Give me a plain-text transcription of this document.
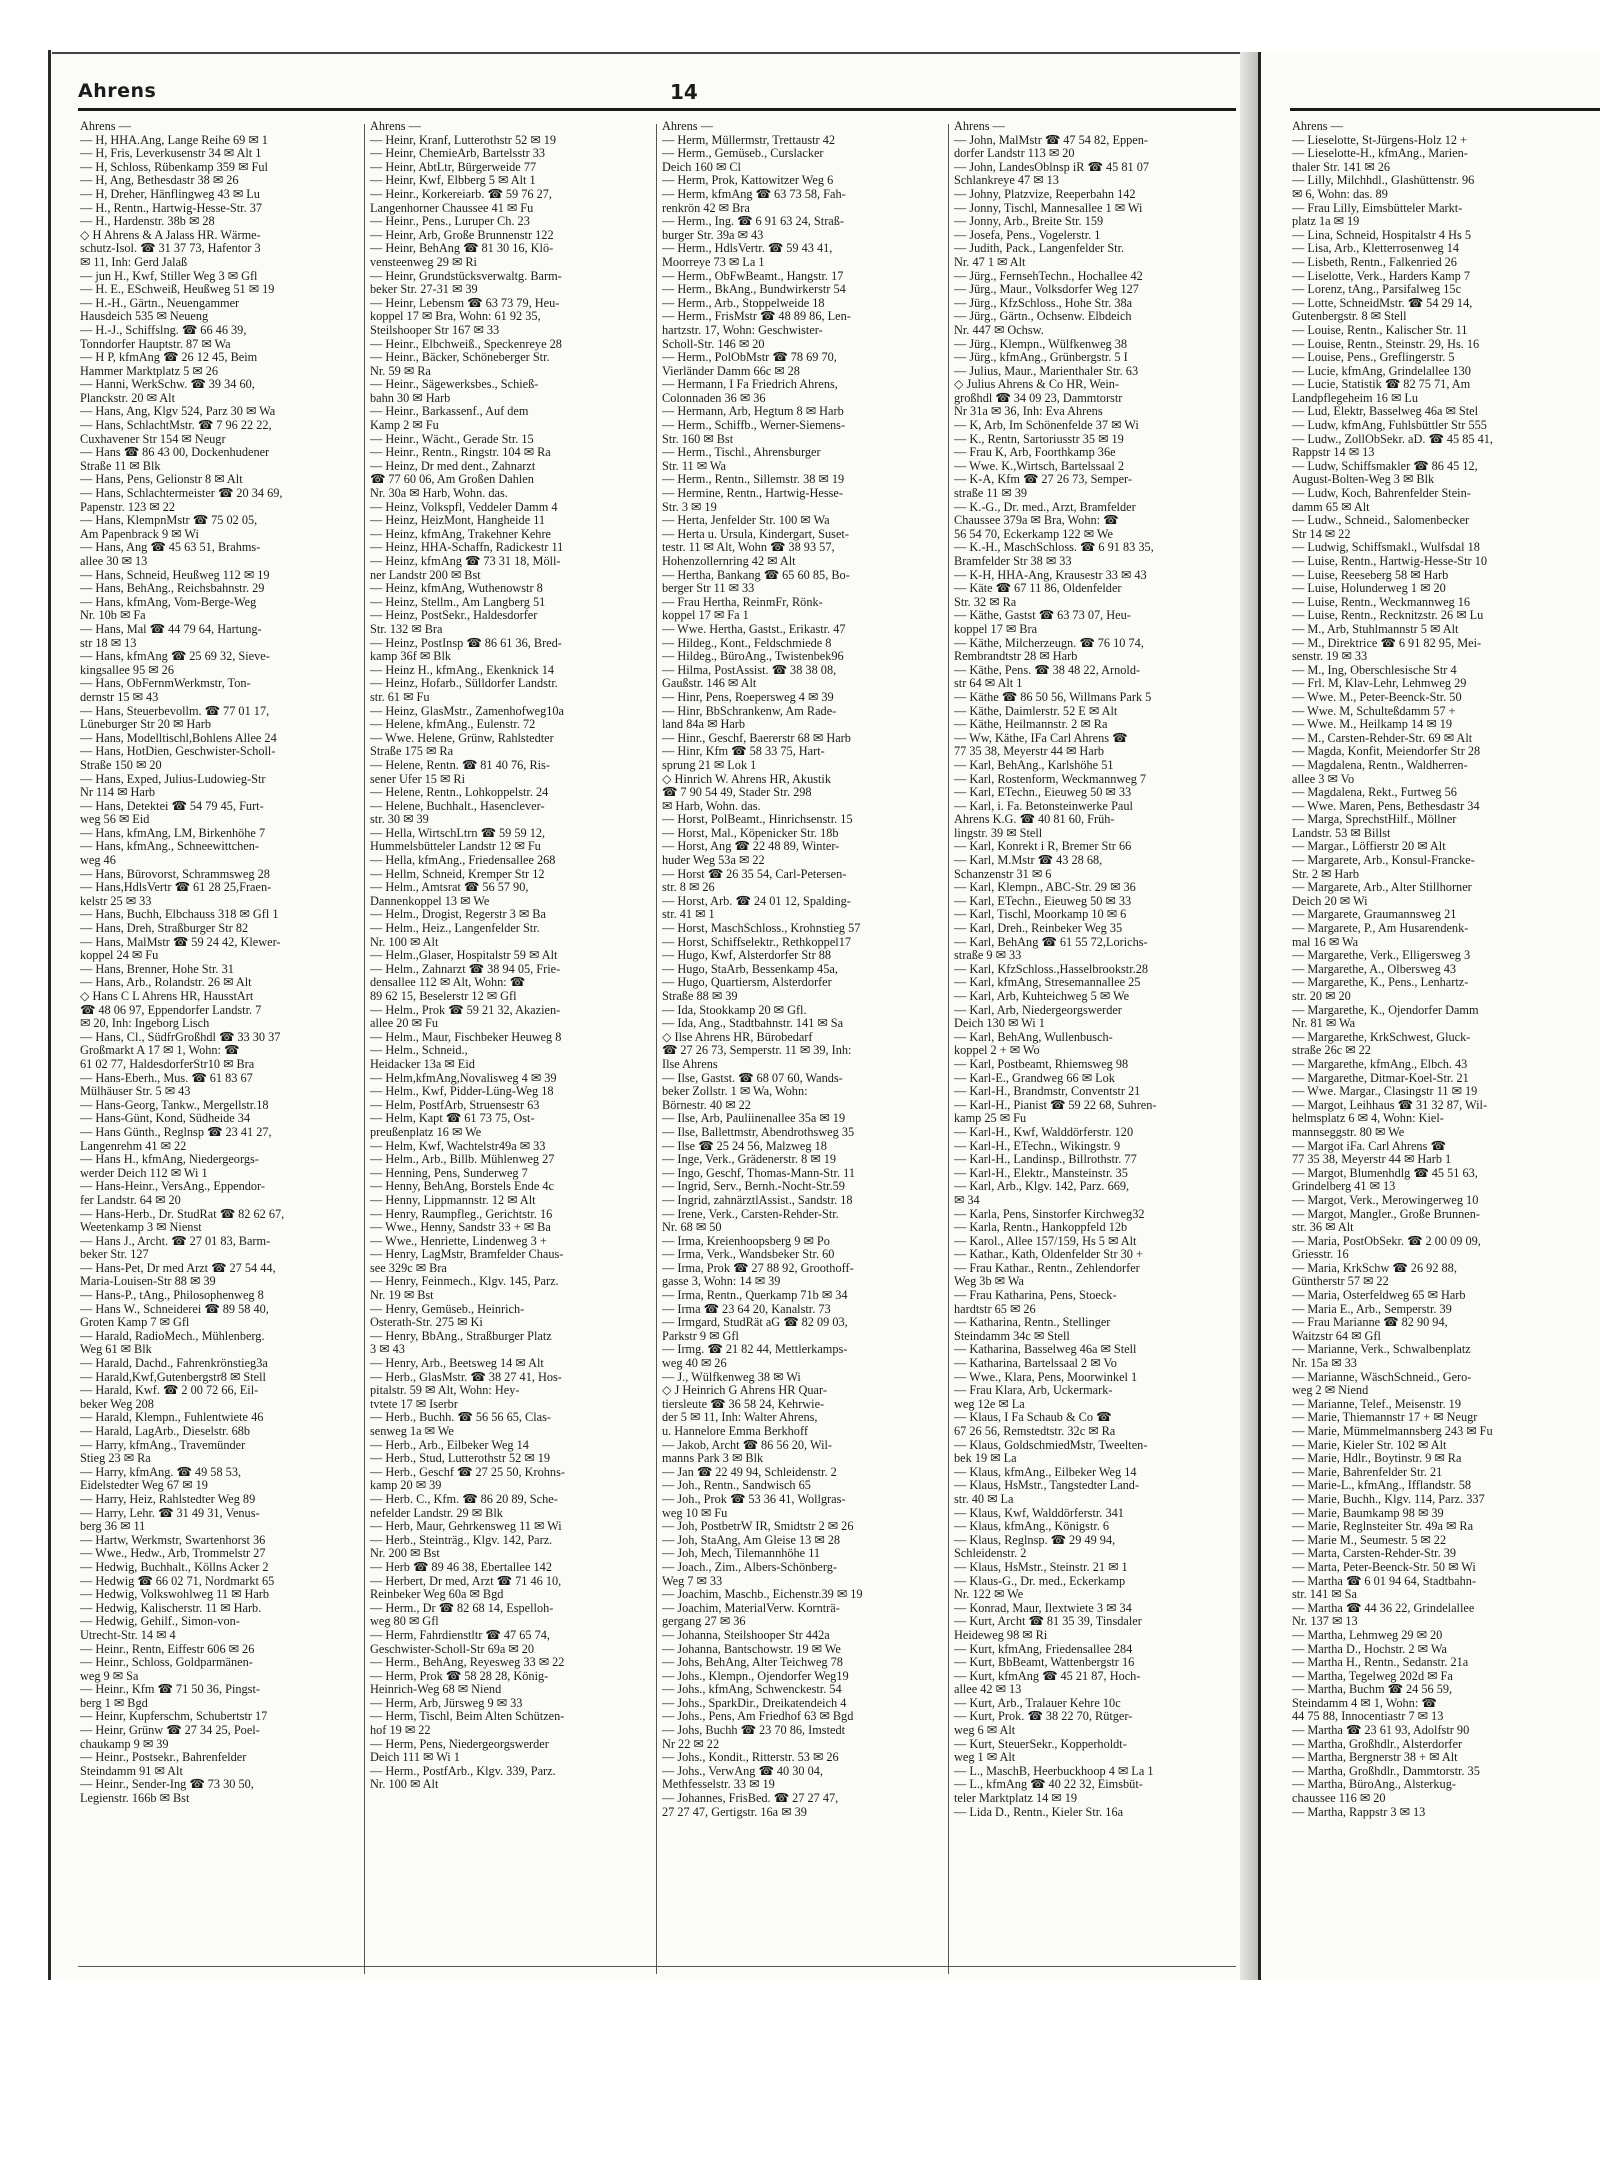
Ahrens	14
Ahrens —
— H, HHA.Ang, Lange Reihe 69 ✉ 1
— H, Fris, Leverkusenstr 34 ✉ Alt 1
— H, Schloss, Rübenkamp 359 ✉ Ful
— H, Ang, Bethesdastr 38 ✉ 26
— H, Dreher, Hänflingweg 43 ✉ Lu
— H., Rentn., Hartwig-Hesse-Str. 37
— H., Hardenstr. 38b ✉ 28
◇ H Ahrens & A Jalass HR. Wärme-
schutz-Isol. ☎ 31 37 73, Hafentor 3
✉ 11, Inh: Gerd Jalaß
— jun H., Kwf, Stiller Weg 3 ✉ Gfl
— H. E., ESchweiß, Heußweg 51 ✉ 19
— H.-H., Gärtn., Neuengammer
Hausdeich 535 ✉ Neueng
— H.-J., Schiffslng. ☎ 66 46 39,
Tonndorfer Hauptstr. 87 ✉ Wa
— H P, kfmAng ☎ 26 12 45, Beim
Hammer Marktplatz 5 ✉ 26
— Hanni, WerkSchw. ☎ 39 34 60,
Planckstr. 20 ✉ Alt
— Hans, Ang, Klgv 524, Parz 30 ✉ Wa
— Hans, SchlachtMstr. ☎ 7 96 22 22,
Cuxhavener Str 154 ✉ Neugr
— Hans ☎ 86 43 00, Dockenhudener
Straße 11 ✉ Blk
— Hans, Pens, Gelionstr 8 ✉ Alt
— Hans, Schlachtermeister ☎ 20 34 69,
Papenstr. 123 ✉ 22
— Hans, KlempnMstr ☎ 75 02 05,
Am Papenbrack 9 ✉ Wi
— Hans, Ang ☎ 45 63 51, Brahms-
allee 30 ✉ 13
— Hans, Schneid, Heußweg 112 ✉ 19
— Hans, BehAng., Reichsbahnstr. 29
— Hans, kfmAng, Vom-Berge-Weg
Nr. 10b ✉ Fa
— Hans, Mal ☎ 44 79 64, Hartung-
str 18 ✉ 13
— Hans, kfmAng ☎ 25 69 32, Sieve-
kingsallee 95 ✉ 26
— Hans, ObFernmWerkmstr, Ton-
dernstr 15 ✉ 43
— Hans, Steuerbevollm. ☎ 77 01 17,
Lüneburger Str 20 ✉ Harb
— Hans, Modelltischl,Bohlens Allee 24
— Hans, HotDien, Geschwister-Scholl-
Straße 150 ✉ 20
— Hans, Exped, Julius-Ludowieg-Str
Nr 114 ✉ Harb
— Hans, Detektei ☎ 54 79 45, Furt-
weg 56 ✉ Eid
— Hans, kfmAng, LM, Birkenhöhe 7
— Hans, kfmAng., Schneewittchen-
weg 46
— Hans, Bürovorst, Schrammsweg 28
— Hans,HdlsVertr ☎ 61 28 25,Fraen-
kelstr 25 ✉ 33
— Hans, Buchh, Elbchauss 318 ✉ Gfl 1
— Hans, Dreh, Straßburger Str 82
— Hans, MalMstr ☎ 59 24 42, Klewer-
koppel 24 ✉ Fu
— Hans, Brenner, Hohe Str. 31
— Hans, Arb., Rolandstr. 26 ✉ Alt
◇ Hans C L Ahrens HR, HausstArt
☎ 48 06 97, Eppendorfer Landstr. 7
✉ 20, Inh: Ingeborg Lisch
— Hans, Cl., SüdfrGroßhdl ☎ 33 30 37
Großmarkt A 17 ✉ 1, Wohn: ☎
61 02 77, HaldesdorferStr10 ✉ Bra
— Hans-Eberh., Mus. ☎ 61 83 67
Mülhäuser Str. 5 ✉ 43
— Hans-Georg, Tankw., Mergellstr.18
— Hans-Günt, Kond, Südheide 34
— Hans Günth., Reglnsp ☎ 23 41 27,
Langenrehm 41 ✉ 22
— Hans H., kfmAng, Niedergeorgs-
werder Deich 112 ✉ Wi 1
— Hans-Heinr., VersAng., Eppendor-
fer Landstr. 64 ✉ 20
— Hans-Herb., Dr. StudRat ☎ 82 62 67,
Weetenkamp 3 ✉ Nienst
— Hans J., Archt. ☎ 27 01 83, Barm-
beker Str. 127
— Hans-Pet, Dr med Arzt ☎ 27 54 44,
Maria-Louisen-Str 88 ✉ 39
— Hans-P., tAng., Philosophenweg 8
— Hans W., Schneiderei ☎ 89 58 40,
Groten Kamp 7 ✉ Gfl
— Harald, RadioMech., Mühlenberg.
Weg 61 ✉ Blk
— Harald, Dachd., Fahrenkrönstieg3a
— Harald,Kwf,Gutenbergstr8 ✉ Stell
— Harald, Kwf. ☎ 2 00 72 66, Eil-
beker Weg 208
— Harald, Klempn., Fuhlentwiete 46
— Harald, LagArb., Dieselstr. 68b
— Harry, kfmAng., Travemünder
Stieg 23 ✉ Ra
— Harry, kfmAng. ☎ 49 58 53,
Eidelstedter Weg 67 ✉ 19
— Harry, Heiz, Rahlstedter Weg 89
— Harry, Lehr. ☎ 31 49 31, Venus-
berg 36 ✉ 11
— Hartw, Werkmstr, Swartenhorst 36
— Wwe., Hedw., Arb, Trommelstr 27
— Hedwig, Buchhalt., Köllns Acker 2
— Hedwig ☎ 66 02 71, Nordmarkt 65
— Hedwig, Volkswohlweg 11 ✉ Harb
— Hedwig, Kalischerstr. 11 ✉ Harb.
— Hedwig, Gehilf., Simon-von-
Utrecht-Str. 14 ✉ 4
— Heinr., Rentn, Eiffestr 606 ✉ 26
— Heinr., Schloss, Goldparmänen-
weg 9 ✉ Sa
— Heinr., Kfm ☎ 71 50 36, Pingst-
berg 1 ✉ Bgd
— Heinr, Kupferschm, Schubertstr 17
— Heinr, Grünw ☎ 27 34 25, Poel-
chaukamp 9 ✉ 39
— Heinr., Postsekr., Bahrenfelder
Steindamm 91 ✉ Alt
— Heinr., Sender-Ing ☎ 73 30 50,
Legienstr. 166b ✉ Bst
Ahrens —
— Heinr, Kranf, Lutterothstr 52 ✉ 19
— Heinr, ChemieArb, Bartelsstr 33
— Heinr, AbtLtr, Bürgerweide 77
— Heinr, Kwf, Elbberg 5 ✉ Alt 1
— Heinr., Korkereiarb. ☎ 59 76 27,
Langenhorner Chaussee 41 ✉ Fu
— Heinr., Pens., Luruper Ch. 23
— Heinr, Arb, Große Brunnenstr 122
— Heinr, BehAng ☎ 81 30 16, Klö-
vensteenweg 29 ✉ Ri
— Heinr, Grundstücksverwaltg. Barm-
beker Str. 27-31 ✉ 39
— Heinr, Lebensm ☎ 63 73 79, Heu-
koppel 17 ✉ Bra, Wohn: 61 92 35,
Steilshooper Str 167 ✉ 33
— Heinr., Elbchweiß., Speckenreye 28
— Heinr., Bäcker, Schöneberger Str.
Nr. 59 ✉ Ra
— Heinr., Sägewerksbes., Schieß-
bahn 30 ✉ Harb
— Heinr., Barkassenf., Auf dem
Kamp 2 ✉ Fu
— Heinr., Wächt., Gerade Str. 15
— Heinr., Rentn., Ringstr. 104 ✉ Ra
— Heinz, Dr med dent., Zahnarzt
☎ 77 60 06, Am Großen Dahlen
Nr. 30a ✉ Harb, Wohn. das.
— Heinz, Volkspfl, Veddeler Damm 4
— Heinz, HeizMont, Hangheide 11
— Heinz, kfmAng, Trakehner Kehre
— Heinz, HHA-Schaffn, Radickestr 11
— Heinz, kfmAng ☎ 73 31 18, Möll-
ner Landstr 200 ✉ Bst
— Heinz, kfmAng, Wuthenowstr 8
— Heinz, Stellm., Am Langberg 51
— Heinz, PostSekr., Haldesdorfer
Str. 132 ✉ Bra
— Heinz, PostInsp ☎ 86 61 36, Bred-
kamp 36f ✉ Blk
— Heinz H., kfmAng., Ekenknick 14
— Heinz, Hofarb., Sülldorfer Landstr.
str. 61 ✉ Fu
— Heinz, GlasMstr., Zamenhofweg10a
— Helene, kfmAng., Eulenstr. 72
— Wwe. Helene, Grünw, Rahlstedter
Straße 175 ✉ Ra
— Helene, Rentn. ☎ 81 40 76, Ris-
sener Ufer 15 ✉ Ri
— Helene, Rentn., Lohkoppelstr. 24
— Helene, Buchhalt., Hasenclever-
str. 30 ✉ 39
— Hella, WirtschLtrn ☎ 59 59 12,
Hummelsbütteler Landstr 12 ✉ Fu
— Hella, kfmAng., Friedensallee 268
— Hellm, Schneid, Kremper Str 12
— Helm., Amtsrat ☎ 56 57 90,
Dannenkoppel 13 ✉ We
— Helm., Drogist, Regerstr 3 ✉ Ba
— Helm., Heiz., Langenfelder Str.
Nr. 100 ✉ Alt
— Helm.,Glaser, Hospitalstr 59 ✉ Alt
— Helm., Zahnarzt ☎ 38 94 05, Frie-
densallee 112 ✉ Alt, Wohn: ☎
89 62 15, Beselerstr 12 ✉ Gfl
— Helm., Prok ☎ 59 21 32, Akazien-
allee 20 ✉ Fu
— Helm., Maur, Fischbeker Heuweg 8
— Helm., Schneid.,
Heidacker 13a ✉ Eid
— Helm,kfmAng,Novalisweg 4 ✉ 39
— Helm., Kwf, Pidder-Lüng-Weg 18
— Helm, PostfArb, Struensestr 63
— Helm, Kapt ☎ 61 73 75, Ost-
preußenplatz 16 ✉ We
— Helm, Kwf, Wachtelstr49a ✉ 33
— Helm., Arb., Billb. Mühlenweg 27
— Henning, Pens, Sunderweg 7
— Henny, BehAng, Borstels Ende 4c
— Henny, Lippmannstr. 12 ✉ Alt
— Henry, Raumpfleg., Gerichtstr. 16
— Wwe., Henny, Sandstr 33 + ✉ Ba
— Wwe., Henriette, Lindenweg 3 +
— Henry, LagMstr, Bramfelder Chaus-
see 329c ✉ Bra
— Henry, Feinmech., Klgv. 145, Parz.
Nr. 19 ✉ Bst
— Henry, Gemüseb., Heinrich-
Osterath-Str. 275 ✉ Ki
— Henry, BbAng., Straßburger Platz
3 ✉ 43
— Henry, Arb., Beetsweg 14 ✉ Alt
— Herb., GlasMstr. ☎ 38 27 41, Hos-
pitalstr. 59 ✉ Alt, Wohn: Hey-
tvtete 17 ✉ Iserbr
— Herb., Buchh. ☎ 56 56 65, Clas-
senweg 1a ✉ We
— Herb., Arb., Eilbeker Weg 14
— Herb., Stud, Lutterothstr 52 ✉ 19
— Herb., Geschf ☎ 27 25 50, Krohns-
kamp 20 ✉ 39
— Herb. C., Kfm. ☎ 86 20 89, Sche-
nefelder Landstr. 29 ✉ Blk
— Herb, Maur, Gehrkensweg 11 ✉ Wi
— Herb., Steinträg., Klgv. 142, Parz.
Nr. 200 ✉ Bst
— Herb ☎ 89 46 38, Ebertallee 142
— Herbert, Dr med, Arzt ☎ 71 46 10,
Reinbeker Weg 60a ✉ Bgd
— Herm., Dr ☎ 82 68 14, Espelloh-
weg 80 ✉ Gfl
— Herm, Fahrdienstltr ☎ 47 65 74,
Geschwister-Scholl-Str 69a ✉ 20
— Herm., BehAng, Reyesweg 33 ✉ 22
— Herm, Prok ☎ 58 28 28, König-
Heinrich-Weg 68 ✉ Niend
— Herm, Arb, Jürsweg 9 ✉ 33
— Herm, Tischl, Beim Alten Schützen-
hof 19 ✉ 22
— Herm, Pens, Niedergeorgswerder
Deich 111 ✉ Wi 1
— Herm., PostfArb., Klgv. 339, Parz.
Nr. 100 ✉ Alt
Ahrens —
— Herm, Müllermstr, Trettaustr 42
— Herm., Gemüseb., Curslacker
Deich 160 ✉ Cl
— Herm, Prok, Kattowitzer Weg 6
— Herm, kfmAng ☎ 63 73 58, Fah-
renkrön 42 ✉ Bra
— Herm., Ing. ☎ 6 91 63 24, Straß-
burger Str. 39a ✉ 43
— Herm., HdlsVertr. ☎ 59 43 41,
Moorreye 73 ✉ La 1
— Herm., ObFwBeamt., Hangstr. 17
— Herm., BkAng., Bundwirkerstr 54
— Herm., Arb., Stoppelweide 18
— Herm., FrisMstr ☎ 48 89 86, Len-
hartzstr. 17, Wohn: Geschwister-
Scholl-Str. 146 ✉ 20
— Herm., PolObMstr ☎ 78 69 70,
Vierländer Damm 66c ✉ 28
— Hermann, I Fa Friedrich Ahrens,
Colonnaden 36 ✉ 36
— Hermann, Arb, Hegtum 8 ✉ Harb
— Herm., Schiffb., Werner-Siemens-
Str. 160 ✉ Bst
— Herm., Tischl., Ahrensburger
Str. 11 ✉ Wa
— Herm., Rentn., Sillemstr. 38 ✉ 19
— Hermine, Rentn., Hartwig-Hesse-
Str. 3 ✉ 19
— Herta, Jenfelder Str. 100 ✉ Wa
— Herta u. Ursula, Kindergart, Suset-
testr. 11 ✉ Alt, Wohn ☎ 38 93 57,
Hohenzollernring 42 ✉ Alt
— Hertha, Bankang ☎ 65 60 85, Bo-
berger Str 11 ✉ 33
— Frau Hertha, ReinmFr, Rönk-
koppel 17 ✉ Fa 1
— Wwe. Hertha, Gastst., Erikastr. 47
— Hildeg., Kont., Feldschmiede 8
— Hildeg., BüroAng., Twistenbek96
— Hilma, PostAssist. ☎ 38 38 08,
Gaußstr. 146 ✉ Alt
— Hinr, Pens, Roepersweg 4 ✉ 39
— Hinr, BbSchrankenw, Am Rade-
land 84a ✉ Harb
— Hinr., Geschf, Baererstr 68 ✉ Harb
— Hinr, Kfm ☎ 58 33 75, Hart-
sprung 21 ✉ Lok 1
◇ Hinrich W. Ahrens HR, Akustik
☎ 7 90 54 49, Stader Str. 298
✉ Harb, Wohn. das.
— Horst, PolBeamt., Hinrichsenstr. 15
— Horst, Mal., Köpenicker Str. 18b
— Horst, Ang ☎ 22 48 89, Winter-
huder Weg 53a ✉ 22
— Horst ☎ 26 35 54, Carl-Petersen-
str. 8 ✉ 26
— Horst, Arb. ☎ 24 01 12, Spalding-
str. 41 ✉ 1
— Horst, MaschSchloss., Krohnstieg 57
— Horst, Schiffselektr., Rethkoppel17
— Hugo, Kwf, Alsterdorfer Str 88
— Hugo, StaArb, Bessenkamp 45a,
— Hugo, Quartiersm, Alsterdorfer
Straße 88 ✉ 39
— Ida, Stookkamp 20 ✉ Gfl.
— Ida, Ang., Stadtbahnstr. 141 ✉ Sa
◇ Ilse Ahrens HR, Bürobedarf
☎ 27 26 73, Semperstr. 11 ✉ 39, Inh:
Ilse Ahrens
— Ilse, Gastst. ☎ 68 07 60, Wands-
beker Zollstr. 1 ✉ Wa, Wohn:
Börnestr. 40 ✉ 22
— Ilse, Arb, Pauliinenallee 35a ✉ 19
— Ilse, Ballettmstr, Abendrothsweg 35
— Ilse ☎ 25 24 56, Malzweg 18
— Inge, Verk., Grädenerstr. 8 ✉ 19
— Ingo, Geschf, Thomas-Mann-Str. 11
— Ingrid, Serv., Bernh.-Nocht-Str.59
— Ingrid, zahnärztlAssist., Sandstr. 18
— Irene, Verk., Carsten-Rehder-Str.
Nr. 68 ✉ 50
— Irma, Kreienhoopsberg 9 ✉ Po
— Irma, Verk., Wandsbeker Str. 60
— Irma, Prok ☎ 27 88 92, Groothoff-
gasse 3, Wohn: 14 ✉ 39
— Irma, Rentn., Querkamp 71b ✉ 34
— Irma ☎ 23 64 20, Kanalstr. 73
— Irmgard, StudRät aG ☎ 82 09 03,
Parkstr 9 ✉ Gfl
— Irmg. ☎ 21 82 44, Mettlerkamps-
weg 40 ✉ 26
— J., Wülfkenweg 38 ✉ Wi
◇ J Heinrich G Ahrens HR Quar-
tiersleute ☎ 36 58 24, Kehrwie-
der 5 ✉ 11, Inh: Walter Ahrens,
u. Hannelore Emma Berkhoff
— Jakob, Archt ☎ 86 56 20, Wil-
manns Park 3 ✉ Blk
— Jan ☎ 22 49 94, Schleidenstr. 2
— Joh., Rentn., Sandwisch 65
— Joh., Prok ☎ 53 36 41, Wollgras-
weg 10 ✉ Fu
— Joh, PostbetrW IR, Smidtstr 2 ✉ 26
— Joh, StaAng, Am Gleise 13 ✉ 28
— Joh, Mech, Tilemannhöhe 11
— Joach., Zim., Albers-Schönberg-
Weg 7 ✉ 33
— Joachim, Maschb., Eichenstr.39 ✉ 19
— Joachim, MaterialVerw. Kornträ-
gergang 27 ✉ 36
— Johanna, Steilshooper Str 442a
— Johanna, Bantschowstr. 19 ✉ We
— Johs, BehAng, Alter Teichweg 78
— Johs., Klempn., Ojendorfer Weg19
— Johs., kfmAng, Schwenckestr. 54
— Johs., SparkDir., Dreikatendeich 4
— Johs., Pens, Am Friedhof 63 ✉ Bgd
— Johs, Buchh ☎ 23 70 86, Imstedt
Nr 22 ✉ 22
— Johs., Kondit., Ritterstr. 53 ✉ 26
— Johs., VerwAng ☎ 40 30 04,
Methfesselstr. 33 ✉ 19
— Johannes, FrisBed. ☎ 27 27 47,
27 27 47, Gertigstr. 16a ✉ 39
Ahrens —
— John, MalMstr ☎ 47 54 82, Eppen-
dorfer Landstr 113 ✉ 20
— John, LandesOblnsp iR ☎ 45 81 07
Schlankreye 47 ✉ 13
— Johny, Platzvize, Reeperbahn 142
— Jonny, Tischl, Mannesallee 1 ✉ Wi
— Jonny, Arb., Breite Str. 159
— Josefa, Pens., Vogelerstr. 1
— Judith, Pack., Langenfelder Str.
Nr. 47 1 ✉ Alt
— Jürg., FernsehTechn., Hochallee 42
— Jürg., Maur., Volksdorfer Weg 127
— Jürg., KfzSchloss., Hohe Str. 38a
— Jürg., Gärtn., Ochsenw. Elbdeich
Nr. 447 ✉ Ochsw.
— Jürg., Klempn., Wülfkenweg 38
— Jürg., kfmAng., Grünbergstr. 5 I
— Julius, Maur., Marienthaler Str. 63
◇ Julius Ahrens & Co HR, Wein-
großhdl ☎ 34 09 23, Dammtorstr
Nr 31a ✉ 36, Inh: Eva Ahrens
— K, Arb, Im Schönenfelde 37 ✉ Wi
— K., Rentn, Sartoriusstr 35 ✉ 19
— Frau K, Arb, Foorthkamp 36e
— Wwe. K.,Wirtsch, Bartelssaal 2
— K-A, Kfm ☎ 27 26 73, Semper-
straße 11 ✉ 39
— K.-G., Dr. med., Arzt, Bramfelder
Chaussee 379a ✉ Bra, Wohn: ☎
56 54 70, Eckerkamp 122 ✉ We
— K.-H., MaschSchloss. ☎ 6 91 83 35,
Bramfelder Str 38 ✉ 33
— K-H, HHA-Ang, Krausestr 33 ✉ 43
— Käte ☎ 67 11 86, Oldenfelder
Str. 32 ✉ Ra
— Käthe, Gastst ☎ 63 73 07, Heu-
koppel 17 ✉ Bra
— Käthe, Milcherzeugn. ☎ 76 10 74,
Rembrandtstr 28 ✉ Harb
— Käthe, Pens. ☎ 38 48 22, Arnold-
str 64 ✉ Alt 1
— Käthe ☎ 86 50 56, Willmans Park 5
— Käthe, Daimlerstr. 52 E ✉ Alt
— Käthe, Heilmannstr. 2 ✉ Ra
— Ww, Käthe, IFa Carl Ahrens ☎
77 35 38, Meyerstr 44 ✉ Harb
— Karl, BehAng., Karlshöhe 51
— Karl, Rostenform, Weckmannweg 7
— Karl, ETechn., Eieuweg 50 ✉ 33
— Karl, i. Fa. Betonsteinwerke Paul
Ahrens K.G. ☎ 40 81 60, Früh-
lingstr. 39 ✉ Stell
— Karl, Konrekt i R, Bremer Str 66
— Karl, M.Mstr ☎ 43 28 68,
Schanzenstr 31 ✉ 6
— Karl, Klempn., ABC-Str. 29 ✉ 36
— Karl, ETechn., Eieuweg 50 ✉ 33
— Karl, Tischl, Moorkamp 10 ✉ 6
— Karl, Dreh., Reinbeker Weg 35
— Karl, BehAng ☎ 61 55 72,Lorichs-
straße 9 ✉ 33
— Karl, KfzSchloss.,Hasselbrookstr.28
— Karl, kfmAng, Stresemannallee 25
— Karl, Arb, Kuhteichweg 5 ✉ We
— Karl, Arb, Niedergeorgswerder
Deich 130 ✉ Wi 1
— Karl, BehAng, Wullenbusch-
koppel 2 + ✉ Wo
— Karl, Postbeamt, Rhiemsweg 98
— Karl-E., Grandweg 66 ✉ Lok
— Karl-H., Brandmstr, Conventstr 21
— Karl-H., Pianist ☎ 59 22 68, Suhren-
kamp 25 ✉ Fu
— Karl-H., Kwf, Walddörferstr. 120
— Karl-H., ETechn., Wikingstr. 9
— Karl-H., Landinsp., Billrothstr. 77
— Karl-H., Elektr., Mansteinstr. 35
— Karl, Arb., Klgv. 142, Parz. 669,
✉ 34
— Karla, Pens, Sinstorfer Kirchweg32
— Karla, Rentn., Hankoppfeld 12b
— Karol., Allee 157/159, Hs 5 ✉ Alt
— Kathar., Kath, Oldenfelder Str 30 +
— Frau Kathar., Rentn., Zehlendorfer
Weg 3b ✉ Wa
— Frau Katharina, Pens, Stoeck-
hardtstr 65 ✉ 26
— Katharina, Rentn., Stellinger
Steindamm 34c ✉ Stell
— Katharina, Basselweg 46a ✉ Stell
— Katharina, Bartelssaal 2 ✉ Vo
— Wwe., Klara, Pens, Moorwinkel 1
— Frau Klara, Arb, Uckermark-
weg 12e ✉ La
— Klaus, I Fa Schaub & Co ☎
67 26 56, Remstedtstr. 32c ✉ Ra
— Klaus, GoldschmiedMstr, Tweelten-
bek 19 ✉ La
— Klaus, kfmAng., Eilbeker Weg 14
— Klaus, HsMstr., Tangstedter Land-
str. 40 ✉ La
— Klaus, Kwf, Walddörferstr. 341
— Klaus, kfmAng., Königstr. 6
— Klaus, Reglnsp. ☎ 29 49 94,
Schleidenstr. 2
— Klaus, HsMstr., Steinstr. 21 ✉ 1
— Klaus-G., Dr. med., Eckerkamp
Nr. 122 ✉ We
— Konrad, Maur, Ilextwiete 3 ✉ 34
— Kurt, Archt ☎ 81 35 39, Tinsdaler
Heideweg 98 ✉ Ri
— Kurt, kfmAng, Friedensallee 284
— Kurt, BbBeamt, Wattenbergstr 16
— Kurt, kfmAng ☎ 45 21 87, Hoch-
allee 42 ✉ 13
— Kurt, Arb., Tralauer Kehre 10c
— Kurt, Prok. ☎ 38 22 70, Rütger-
weg 6 ✉ Alt
— Kurt, SteuerSekr., Kopperholdt-
weg 1 ✉ Alt
— L., MaschB, Heerbuckhoop 4 ✉ La 1
— L., kfmAng ☎ 40 22 32, Eimsbüt-
teler Marktplatz 14 ✉ 19
— Lida D., Rentn., Kieler Str. 16a
Ahrens —
— Lieselotte, St-Jürgens-Holz 12 +
— Lieselotte-H., kfmAng., Marien-
thaler Str. 141 ✉ 26
— Lilly, Milchhdl., Glashüttenstr. 96
✉ 6, Wohn: das. 89
— Frau Lilly, Eimsbütteler Markt-
platz 1a ✉ 19
— Lina, Schneid, Hospitalstr 4 Hs 5
— Lisa, Arb., Kletterrosenweg 14
— Lisbeth, Rentn., Falkenried 26
— Liselotte, Verk., Harders Kamp 7
— Lorenz, tAng., Parsifalweg 15c
— Lotte, SchneidMstr. ☎ 54 29 14,
Gutenbergstr. 8 ✉ Stell
— Louise, Rentn., Kalischer Str. 11
— Louise, Rentn., Steinstr. 29, Hs. 16
— Louise, Pens., Greflingerstr. 5
— Lucie, kfmAng, Grindelallee 130
— Lucie, Statistik ☎ 82 75 71, Am
Landpflegeheim 16 ✉ Lu
— Lud, Elektr, Basselweg 46a ✉ Stel
— Ludw, kfmAng, Fuhlsbüttler Str 555
— Ludw., ZollObSekr. aD. ☎ 45 85 41,
Rappstr 14 ✉ 13
— Ludw, Schiffsmakler ☎ 86 45 12,
August-Bolten-Weg 3 ✉ Blk
— Ludw, Koch, Bahrenfelder Stein-
damm 65 ✉ Alt
— Ludw., Schneid., Salomenbecker
Str 14 ✉ 22
— Ludwig, Schiffsmakl., Wulfsdal 18
— Luise, Rentn., Hartwig-Hesse-Str 10
— Luise, Reeseberg 58 ✉ Harb
— Luise, Holunderweg 1 ✉ 20
— Luise, Rentn., Weckmannweg 16
— Luise, Rentn., Recknitzstr. 26 ✉ Lu
— M., Arb, Stuhlmannstr 5 ✉ Alt
— M., Direktrice ☎ 6 91 82 95, Mei-
senstr. 19 ✉ 33
— M., Ing, Oberschlesische Str 4
— Frl. M, Klav-Lehr, Lehmweg 29
— Wwe. M., Peter-Beenck-Str. 50
— Wwe. M, Schulteßdamm 57 +
— Wwe. M., Heilkamp 14 ✉ 19
— M., Carsten-Rehder-Str. 69 ✉ Alt
— Magda, Konfit, Meiendorfer Str 28
— Magdalena, Rentn., Waldherren-
allee 3 ✉ Vo
— Magdalena, Rekt., Furtweg 56
— Wwe. Maren, Pens, Bethesdastr 34
— Marga, SprechstHilf., Möllner
Landstr. 53 ✉ Billst
— Margar., Löffierstr 20 ✉ Alt
— Margarete, Arb., Konsul-Francke-
Str. 2 ✉ Harb
— Margarete, Arb., Alter Stillhorner
Deich 20 ✉ Wi
— Margarete, Graumannsweg 21
— Margarete, P., Am Husarendenk-
mal 16 ✉ Wa
— Margarethe, Verk., Elligersweg 3
— Margarethe, A., Olbersweg 43
— Margarethe, K., Pens., Lenhartz-
str. 20 ✉ 20
— Margarethe, K., Ojendorfer Damm
Nr. 81 ✉ Wa
— Margarethe, KrkSchwest, Gluck-
straße 26c ✉ 22
— Margarethe, kfmAng., Elbch. 43
— Margarethe, Ditmar-Koel-Str. 21
— Wwe. Margar., Clasingstr 11 ✉ 19
— Margot, Leihhaus ☎ 31 32 87, Wil-
helmsplatz 6 ✉ 4, Wohn: Kiel-
mannseggstr. 80 ✉ We
— Margot iFa. Carl Ahrens ☎
77 35 38, Meyerstr 44 ✉ Harb 1
— Margot, Blumenhdlg ☎ 45 51 63,
Grindelberg 41 ✉ 13
— Margot, Verk., Merowingerweg 10
— Margot, Mangler., Große Brunnen-
str. 36 ✉ Alt
— Maria, PostObSekr. ☎ 2 00 09 09,
Griesstr. 16
— Maria, KrkSchw ☎ 26 92 88,
Güntherstr 57 ✉ 22
— Maria, Osterfeldweg 65 ✉ Harb
— Maria E., Arb., Semperstr. 39
— Frau Marianne ☎ 82 90 94,
Waitzstr 64 ✉ Gfl
— Marianne, Verk., Schwalbenplatz
Nr. 15a ✉ 33
— Marianne, WäschSchneid., Gero-
weg 2 ✉ Niend
— Marianne, Telef., Meisenstr. 19
— Marie, Thiemannstr 17 + ✉ Neugr
— Marie, Mümmelmannsberg 243 ✉ Fu
— Marie, Kieler Str. 102 ✉ Alt
— Marie, Hdlr., Boytinstr. 9 ✉ Ra
— Marie, Bahrenfelder Str. 21
— Marie-L., kfmAng., Ifflandstr. 58
— Marie, Buchh., Klgv. 114, Parz. 337
— Marie, Baumkamp 98 ✉ 39
— Marie, Reglnsteiter Str. 49a ✉ Ra
— Marie M., Seumestr. 5 ✉ 22
— Marta, Carsten-Rehder-Str. 39
— Marta, Peter-Beenck-Str. 50 ✉ Wi
— Martha ☎ 6 01 94 64, Stadtbahn-
str. 141 ✉ Sa
— Martha ☎ 44 36 22, Grindelallee
Nr. 137 ✉ 13
— Martha, Lehmweg 29 ✉ 20
— Martha D., Hochstr. 2 ✉ Wa
— Martha H., Rentn., Sedanstr. 21a
— Martha, Tegelweg 202d ✉ Fa
— Martha, Buchm ☎ 24 56 59,
Steindamm 4 ✉ 1, Wohn: ☎
44 75 88, Innocentiastr 7 ✉ 13
— Martha ☎ 23 61 93, Adolfstr 90
— Martha, Großhdlr., Alsterdorfer
— Martha, Bergnerstr 38 + ✉ Alt
— Martha, Großhdlr., Dammtorstr. 35
— Martha, BüroAng., Alsterkug-
chaussee 116 ✉ 20
— Martha, Rappstr 3 ✉ 13
